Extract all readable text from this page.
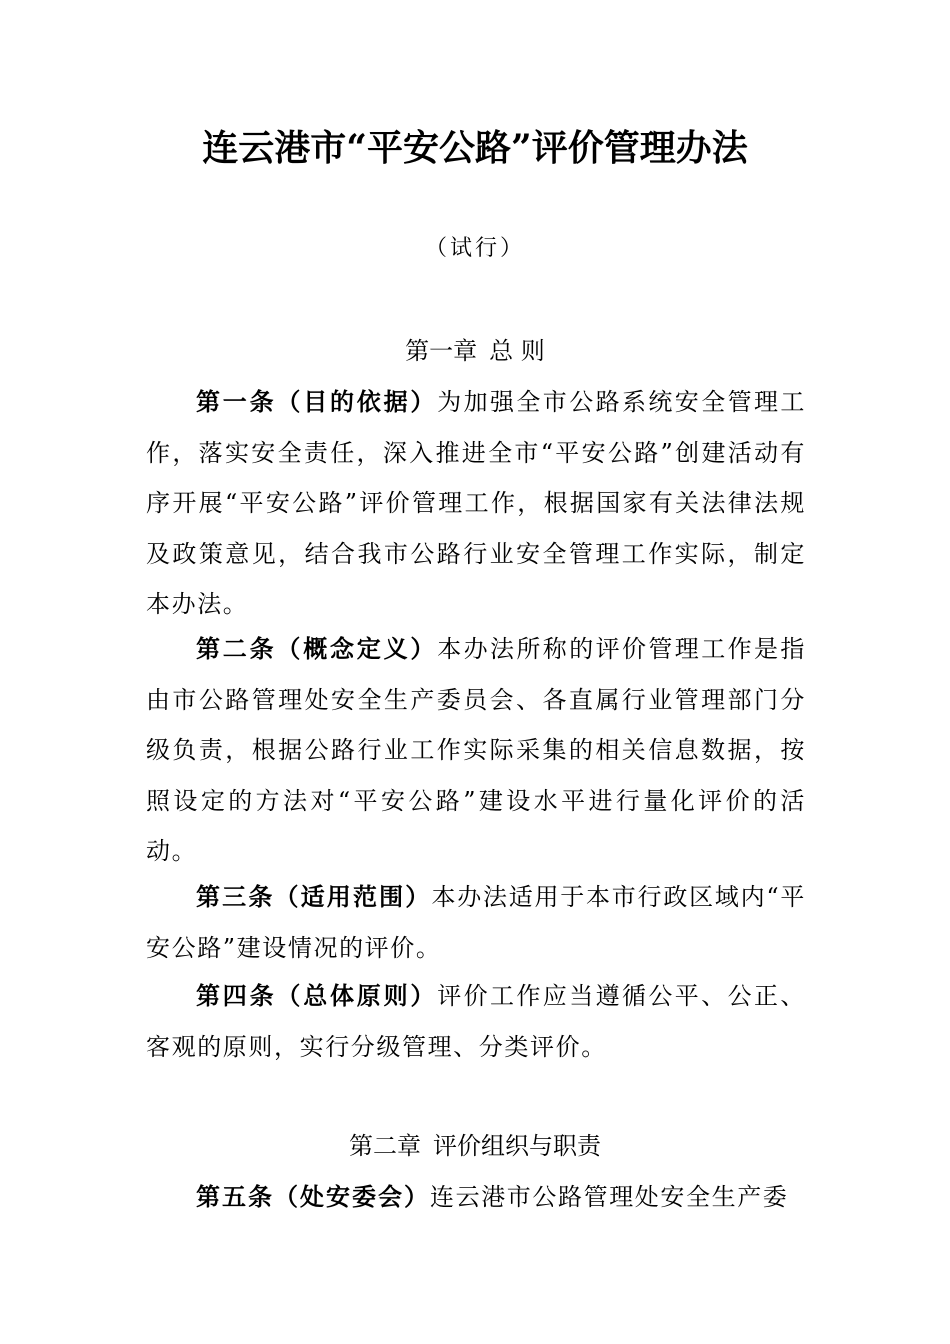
连云港市“平安公路”评价管理办法
（试行）
第一章 总 则

第一条（目的依据）为加强全市公路系统安全管理工作，落实安全责任，深入推进全市“平安公路”创建活动有序开展“平安公路”评价管理工作，根据国家有关法律法规及政策意见，结合我市公路行业安全管理工作实际，制定本办法。

第二条（概念定义）本办法所称的评价管理工作是指由市公路管理处安全生产委员会、各直属行业管理部门分级负责，根据公路行业工作实际采集的相关信息数据，按照设定的方法对“平安公路”建设水平进行量化评价的活动。

第三条（适用范围）本办法适用于本市行政区域内“平安公路”建设情况的评价。

第四条（总体原则）评价工作应当遵循公平、公正、客观的原则，实行分级管理、分类评价。

第二章 评价组织与职责

第五条（处安委会）连云港市公路管理处安全生产委
